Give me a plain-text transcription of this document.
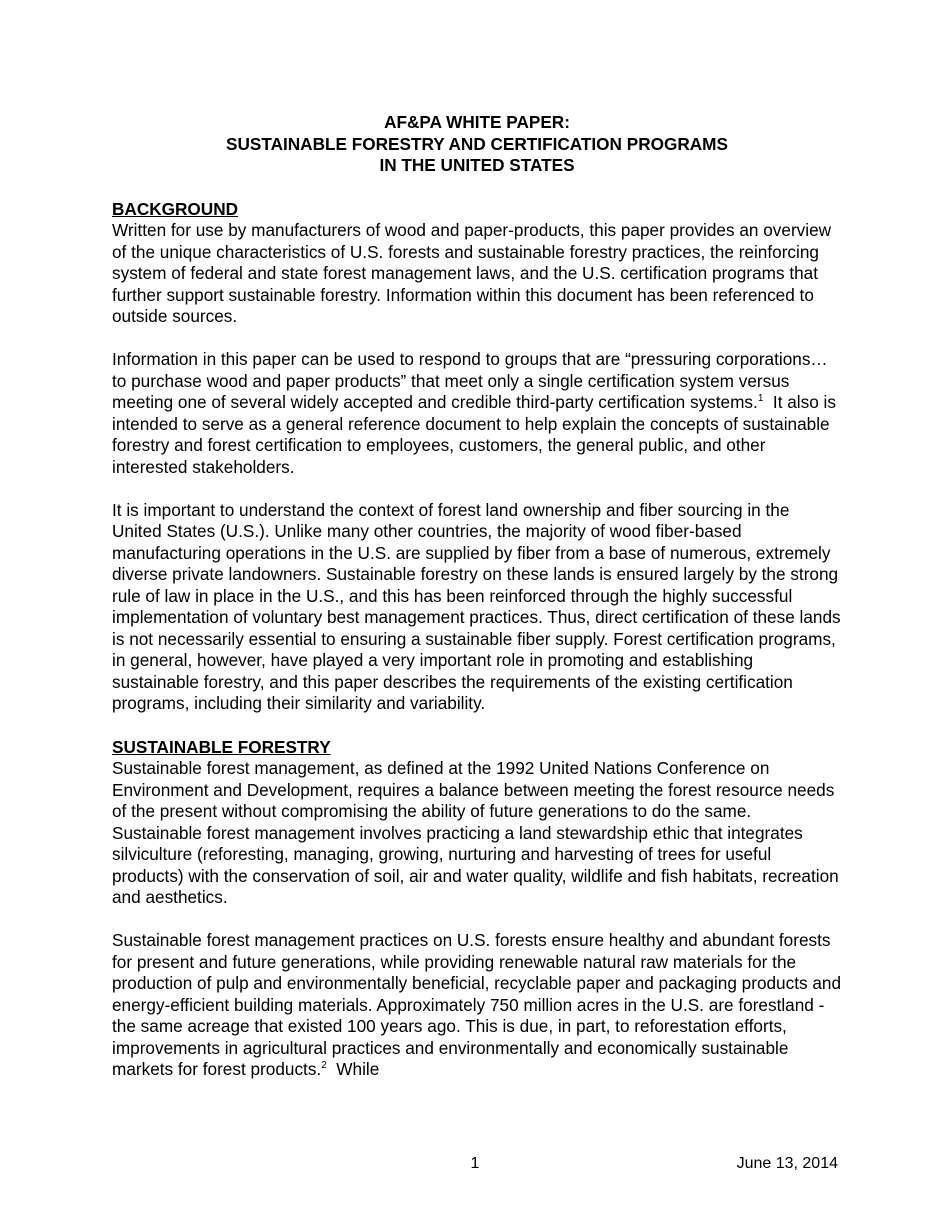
AF&PA WHITE PAPER:
SUSTAINABLE FORESTRY AND CERTIFICATION PROGRAMS
IN THE UNITED STATES
BACKGROUND

Written for use by manufacturers of wood and paper-products, this paper provides an overview of the unique characteristics of U.S. forests and sustainable forestry practices, the reinforcing system of federal and state forest management laws, and the U.S. certification programs that further support sustainable forestry. Information within this document has been referenced to outside sources.

Information in this paper can be used to respond to groups that are “pressuring corporations… to purchase wood and paper products” that meet only a single certification system versus meeting one of several widely accepted and credible third-party certification systems.$^1$  It also is intended to serve as a general reference document to help explain the concepts of sustainable forestry and forest certification to employees, customers, the general public, and other interested stakeholders.

It is important to understand the context of forest land ownership and fiber sourcing in the United States (U.S.). Unlike many other countries, the majority of wood fiber-based manufacturing operations in the U.S. are supplied by fiber from a base of numerous, extremely diverse private landowners. Sustainable forestry on these lands is ensured largely by the strong rule of law in place in the U.S., and this has been reinforced through the highly successful implementation of voluntary best management practices. Thus, direct certification of these lands is not necessarily essential to ensuring a sustainable fiber supply. Forest certification programs, in general, however, have played a very important role in promoting and establishing sustainable forestry, and this paper describes the requirements of the existing certification programs, including their similarity and variability.

SUSTAINABLE FORESTRY

Sustainable forest management, as defined at the 1992 United Nations Conference on Environment and Development, requires a balance between meeting the forest resource needs of the present without compromising the ability of future generations to do the same. Sustainable forest management involves practicing a land stewardship ethic that integrates silviculture (reforesting, managing, growing, nurturing and harvesting of trees for useful products) with the conservation of soil, air and water quality, wildlife and fish habitats, recreation and aesthetics.

Sustainable forest management practices on U.S. forests ensure healthy and abundant forests for present and future generations, while providing renewable natural raw materials for the production of pulp and environmentally beneficial, recyclable paper and packaging products and energy-efficient building materials. Approximately 750 million acres in the U.S. are forestland - the same acreage that existed 100 years ago. This is due, in part, to reforestation efforts, improvements in agricultural practices and environmentally and economically sustainable markets for forest products.$^2$  While

1	June 13, 2014
